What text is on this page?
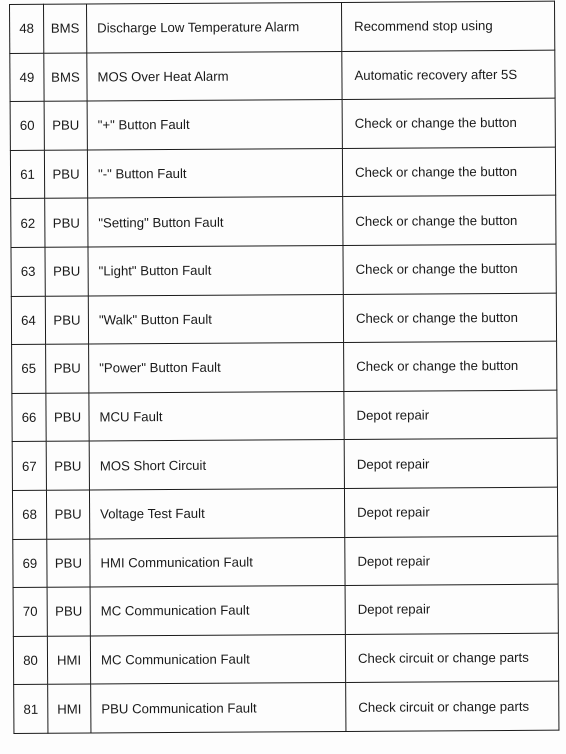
48	BMS	Discharge Low Temperature Alarm	Recommend stop using
49	BMS	MOS Over Heat Alarm	Automatic recovery after 5S
60	PBU	"+" Button Fault	Check or change the button
61	PBU	"-" Button Fault	Check or change the button
62	PBU	"Setting" Button Fault	Check or change the button
63	PBU	"Light" Button Fault	Check or change the button
64	PBU	"Walk" Button Fault	Check or change the button
65	PBU	"Power" Button Fault	Check or change the button
66	PBU	MCU Fault	Depot repair
67	PBU	MOS Short Circuit	Depot repair
68	PBU	Voltage Test Fault	Depot repair
69	PBU	HMI Communication Fault	Depot repair
70	PBU	MC Communication Fault	Depot repair
80	HMI	MC Communication Fault	Check circuit or change parts
81	HMI	PBU Communication Fault	Check circuit or change parts
